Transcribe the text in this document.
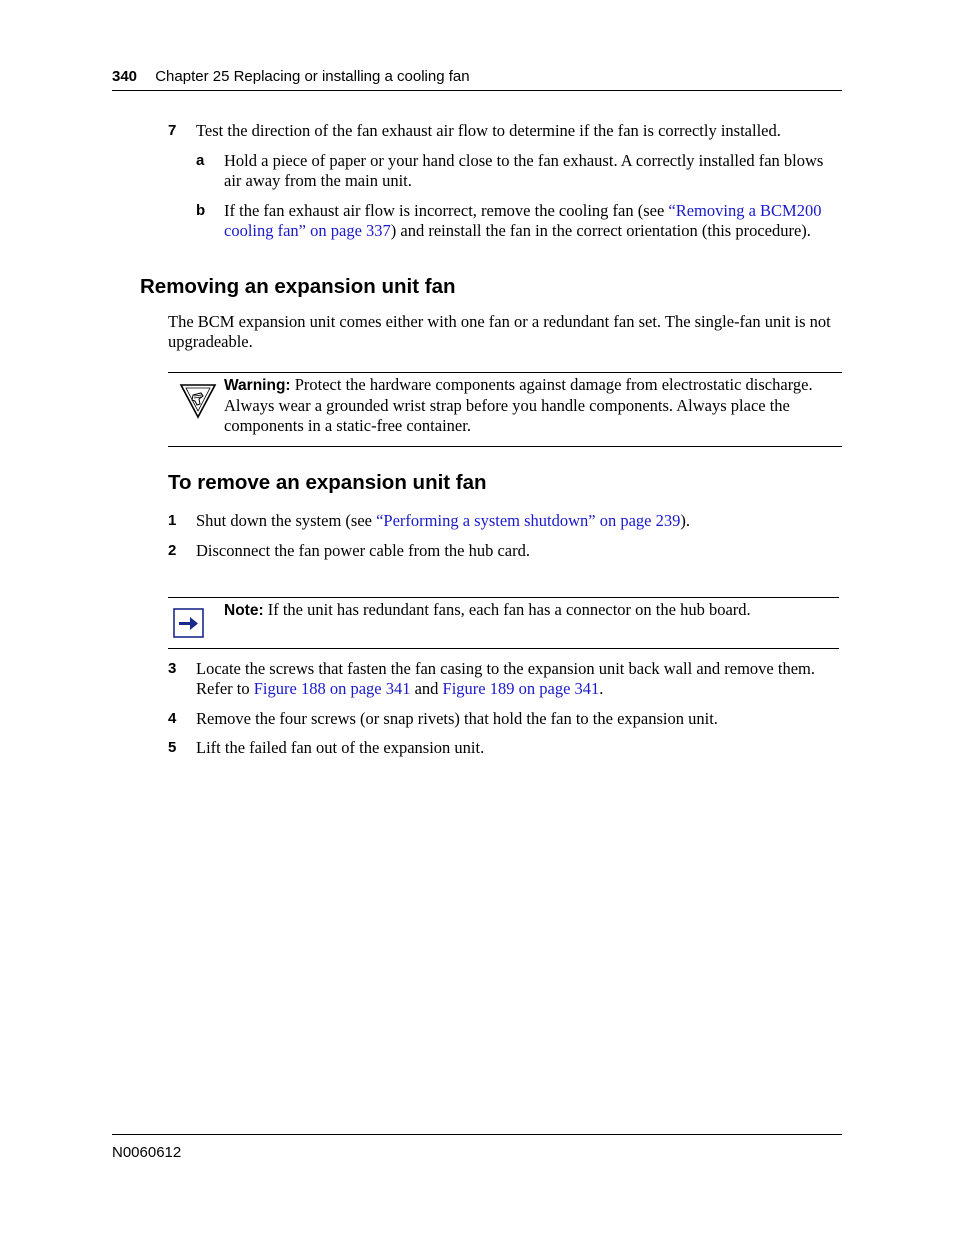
340 Chapter 25 Replacing or installing a cooling fan
7 Test the direction of the fan exhaust air flow to determine if the fan is correctly installed.
a Hold a piece of paper or your hand close to the fan exhaust. A correctly installed fan blows air away from the main unit.
b If the fan exhaust air flow is incorrect, remove the cooling fan (see “Removing a BCM200 cooling fan” on page 337) and reinstall the fan in the correct orientation (this procedure).
Removing an expansion unit fan
The BCM expansion unit comes either with one fan or a redundant fan set. The single-fan unit is not upgradeable.
Warning: Protect the hardware components against damage from electrostatic discharge. Always wear a grounded wrist strap before you handle components. Always place the components in a static-free container.
To remove an expansion unit fan
1 Shut down the system (see “Performing a system shutdown” on page 239).
2 Disconnect the fan power cable from the hub card.
Note: If the unit has redundant fans, each fan has a connector on the hub board.
3 Locate the screws that fasten the fan casing to the expansion unit back wall and remove them. Refer to Figure 188 on page 341 and Figure 189 on page 341.
4 Remove the four screws (or snap rivets) that hold the fan to the expansion unit.
5 Lift the failed fan out of the expansion unit.
N0060612
